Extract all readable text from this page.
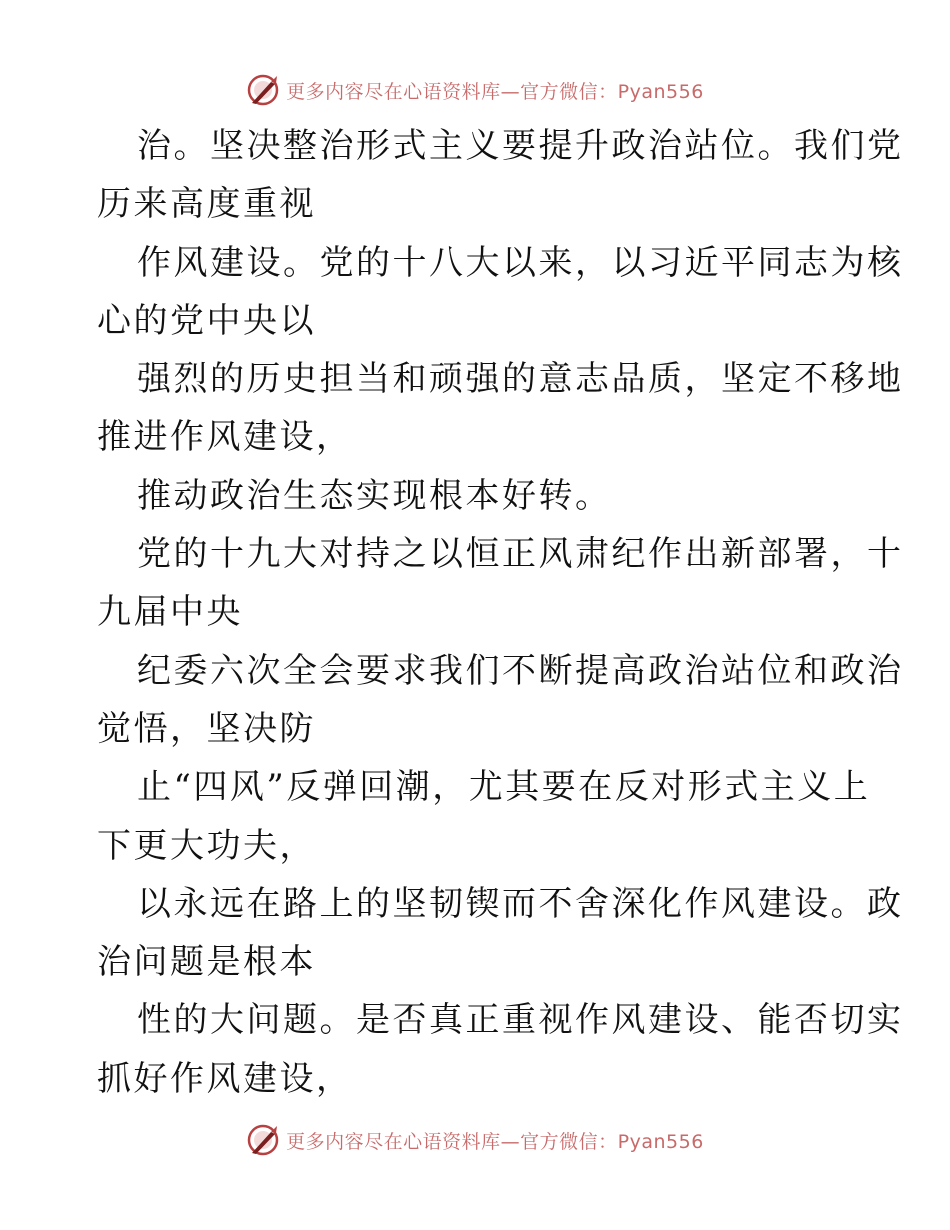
更多内容尽在心语资料库—官方微信：Pyan556

治。坚决整治形式主义要提升政治站位。我们党
历来高度重视

作风建设。党的十八大以来，以习近平同志为核
心的党中央以

强烈的历史担当和顽强的意志品质，坚定不移地
推进作风建设，

推动政治生态实现根本好转。

党的十九大对持之以恒正风肃纪作出新部署，十
九届中央

纪委六次全会要求我们不断提高政治站位和政治
觉悟，坚决防

止“四风”反弹回潮，尤其要在反对形式主义上
下更大功夫，

以永远在路上的坚韧锲而不舍深化作风建设。政
治问题是根本

性的大问题。是否真正重视作风建设、能否切实
抓好作风建设，

更多内容尽在心语资料库—官方微信：Pyan556
